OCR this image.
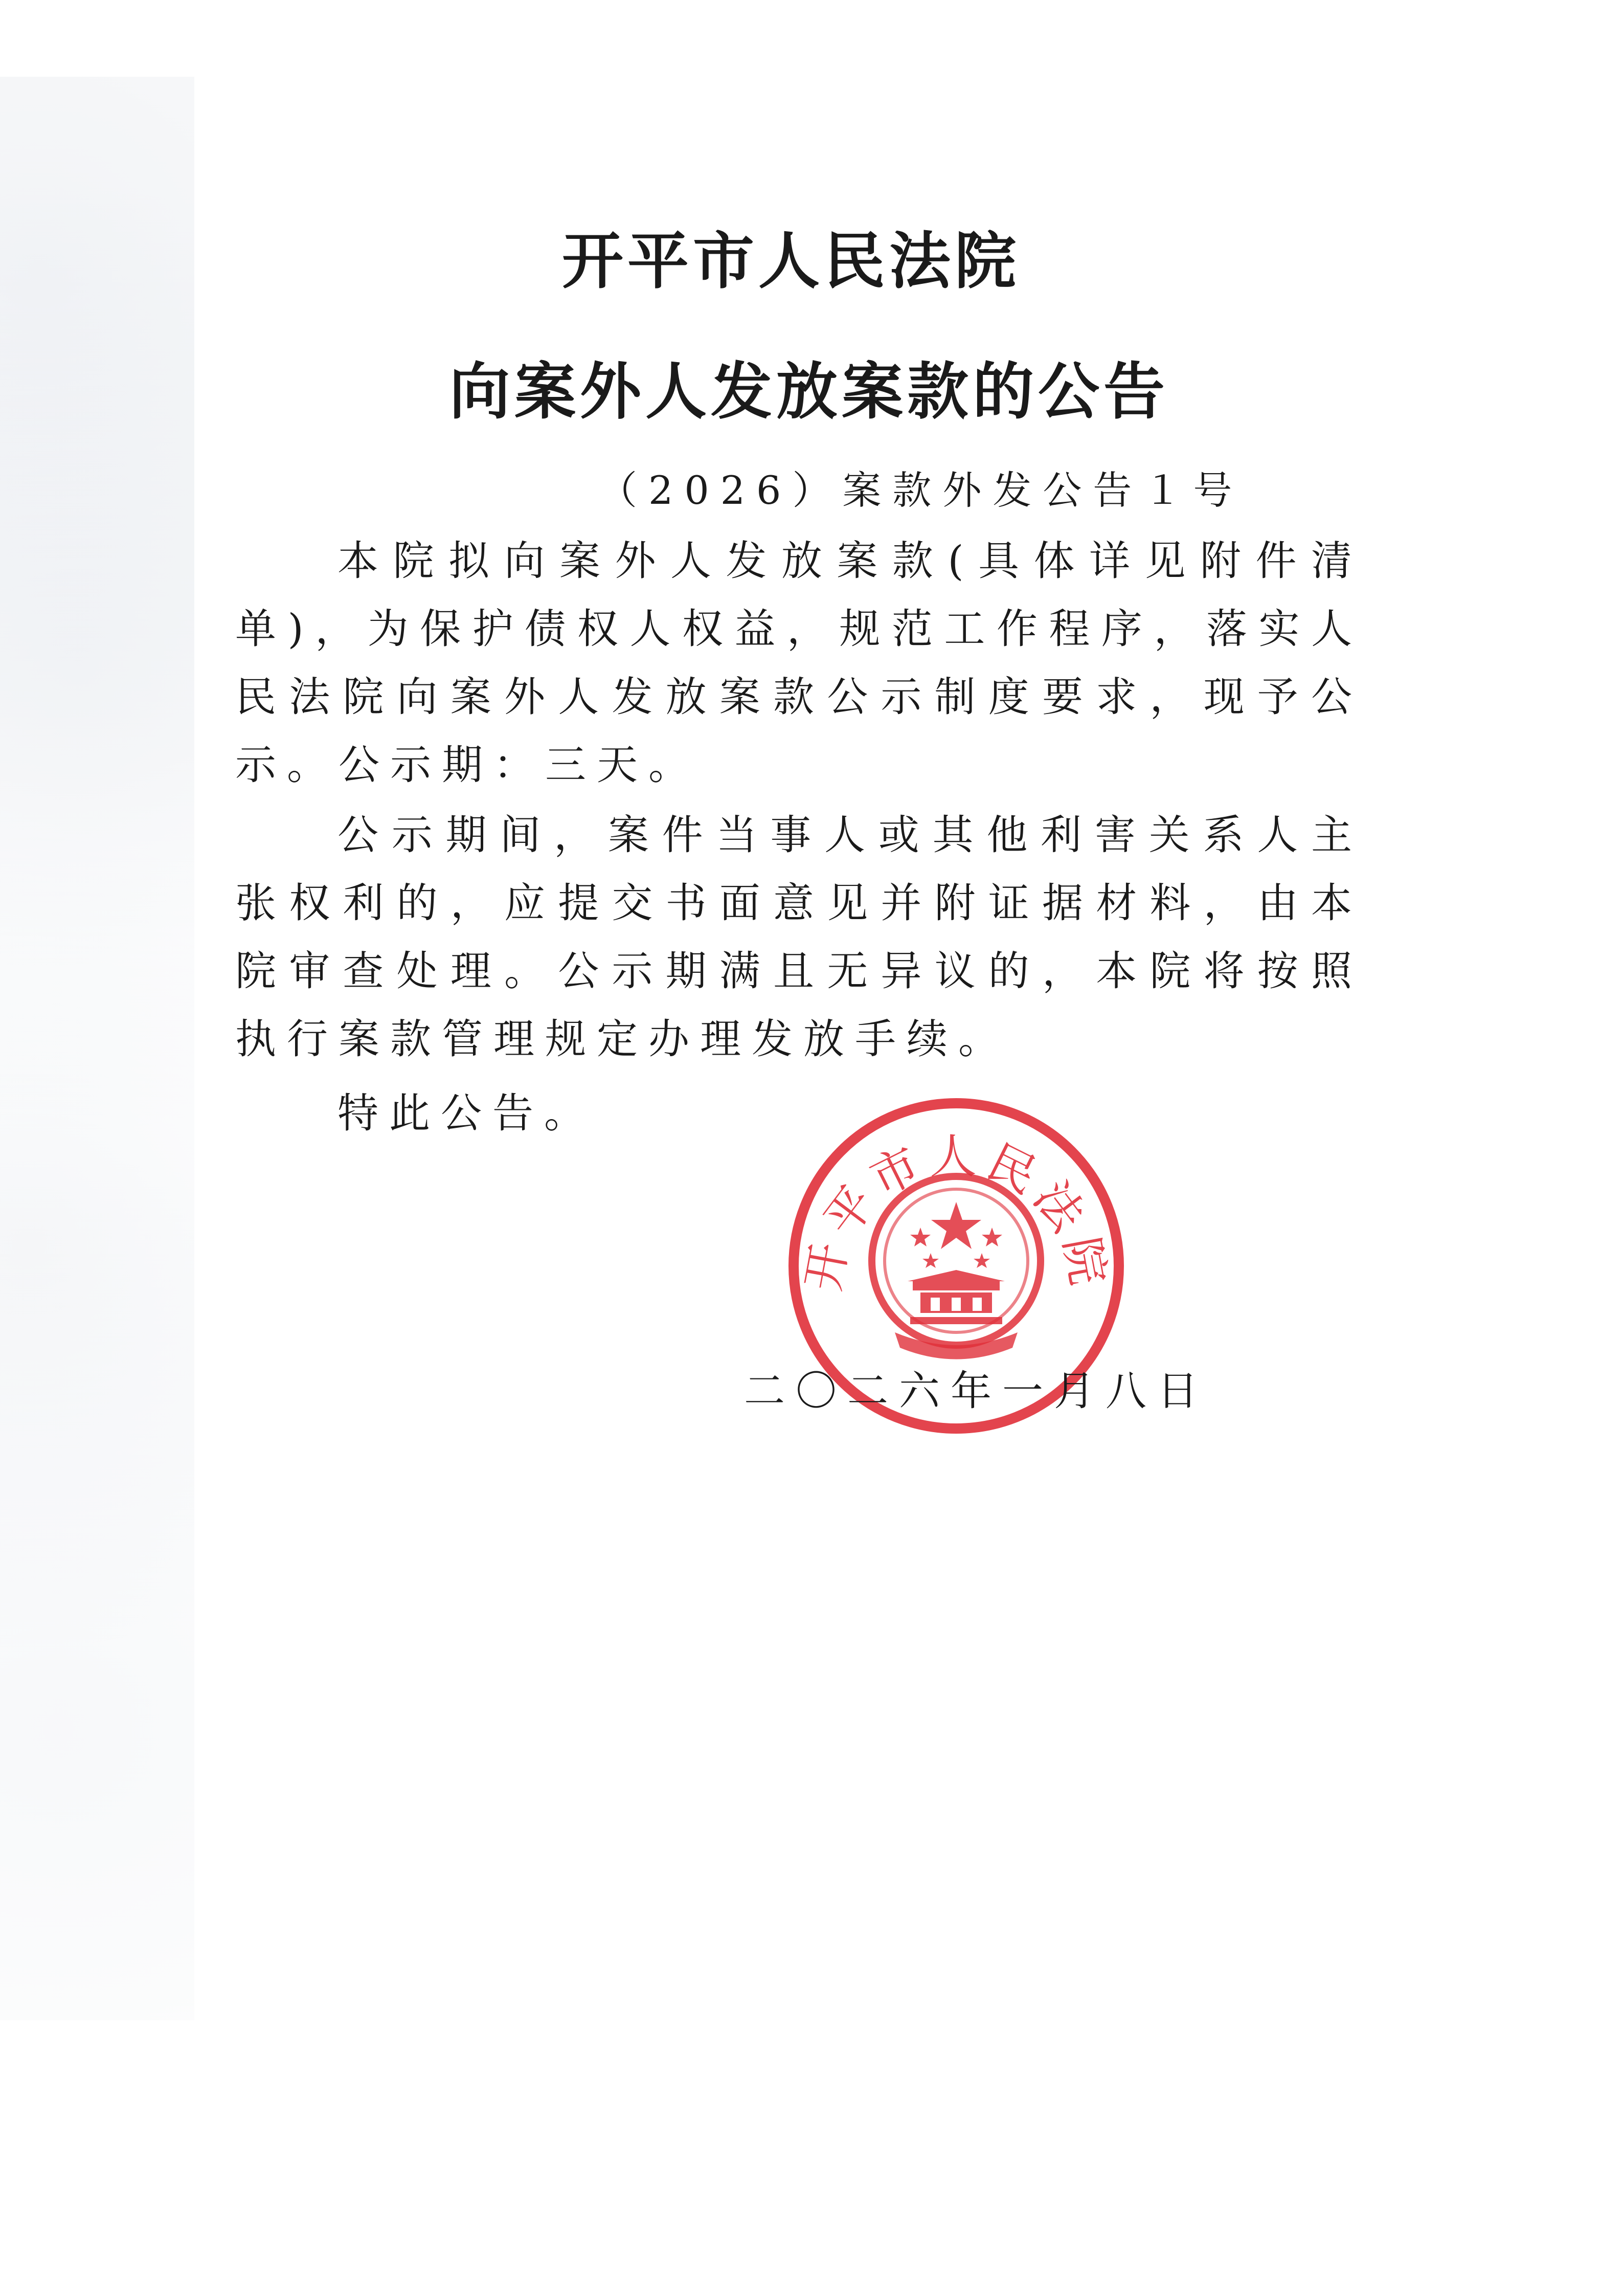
开平市人民法院
向案外人发放案款的公告
（2026）案款外发公告１号
本院拟向案外人发放案款(具体详见附件清单)，为保护债权人权益，规范工作程序，落实人民法院向案外人发放案款公示制度要求，现予公示。公示期：三天。
公示期间，案件当事人或其他利害关系人主张权利的，应提交书面意见并附证据材料，由本院审查处理。公示期满且无异议的，本院将按照执行案款管理规定办理发放手续。
特此公告。
开平市人民法院
二〇二六年一月八日
